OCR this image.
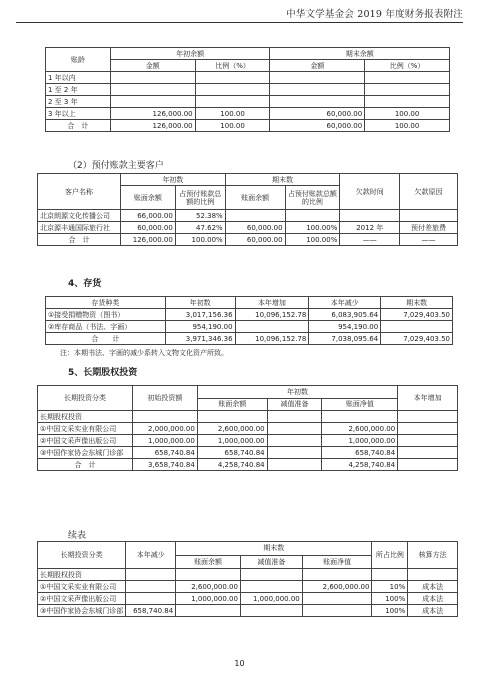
中华文学基金会 2019 年度财务报表附注
账龄	年初余额		期末余额	
	金额	比例（%）	金额	比例（%）
1 年以内				
1 至 2 年				
2 至 3 年				
3 年以上	126,000.00	100.00	60,000.00	100.00
合　计	126,000.00	100.00	60,000.00	100.00
（2）预付账款主要客户
客户名称	年初数		期末数		欠款时间	欠款原因
	账面余额	占预付账款总额的比例	账面余额	占预付账款总额的比例		
北京朗源文化传播公司	66,000.00	52.38%				
北京源丰通国际旅行社	60,000.00	47.62%	60,000.00	100.00%	2012 年	预付差旅费
合　计	126,000.00	100.00%	60,000.00	100.00%	——	——
4、存货
存货种类	年初数	本年增加	本年减少	期末数
①接受捐赠物资（图书）	3,017,156.36	10,096,152.78	6,083,905.64	7,029,403.50
②库存商品（书法、字画）	954,190.00		954,190.00	
合　　计	3,971,346.36	10,096,152.78	7,038,095.64	7,029,403.50
注：本期书法、字画的减少系转入文物文化资产所致。
5、长期股权投资
长期投资分类	初始投资额	年初数			本年增加
		账面余额	减值准备	账面净值	
长期股权投资					
①中国文采实业有限公司	2,000,000.00	2,600,000.00		2,600,000.00	
②中国文采声像出版公司	1,000,000.00	1,000,000.00		1,000,000.00	
③中国作家协会东城门诊部	658,740.84	658,740.84		658,740.84	
合　计	3,658,740.84	4,258,740.84		4,258,740.84	
续表
长期投资分类	本年减少	期末数			所占比例	核算方法
		账面余额	减值准备	账面净值		
长期股权投资						
①中国文采实业有限公司		2,600,000.00		2,600,000.00	10%	成本法
②中国文采声像出版公司		1,000,000.00	1,000,000.00		100%	成本法
③中国作家协会东城门诊部	658,740.84				100%	成本法
10
